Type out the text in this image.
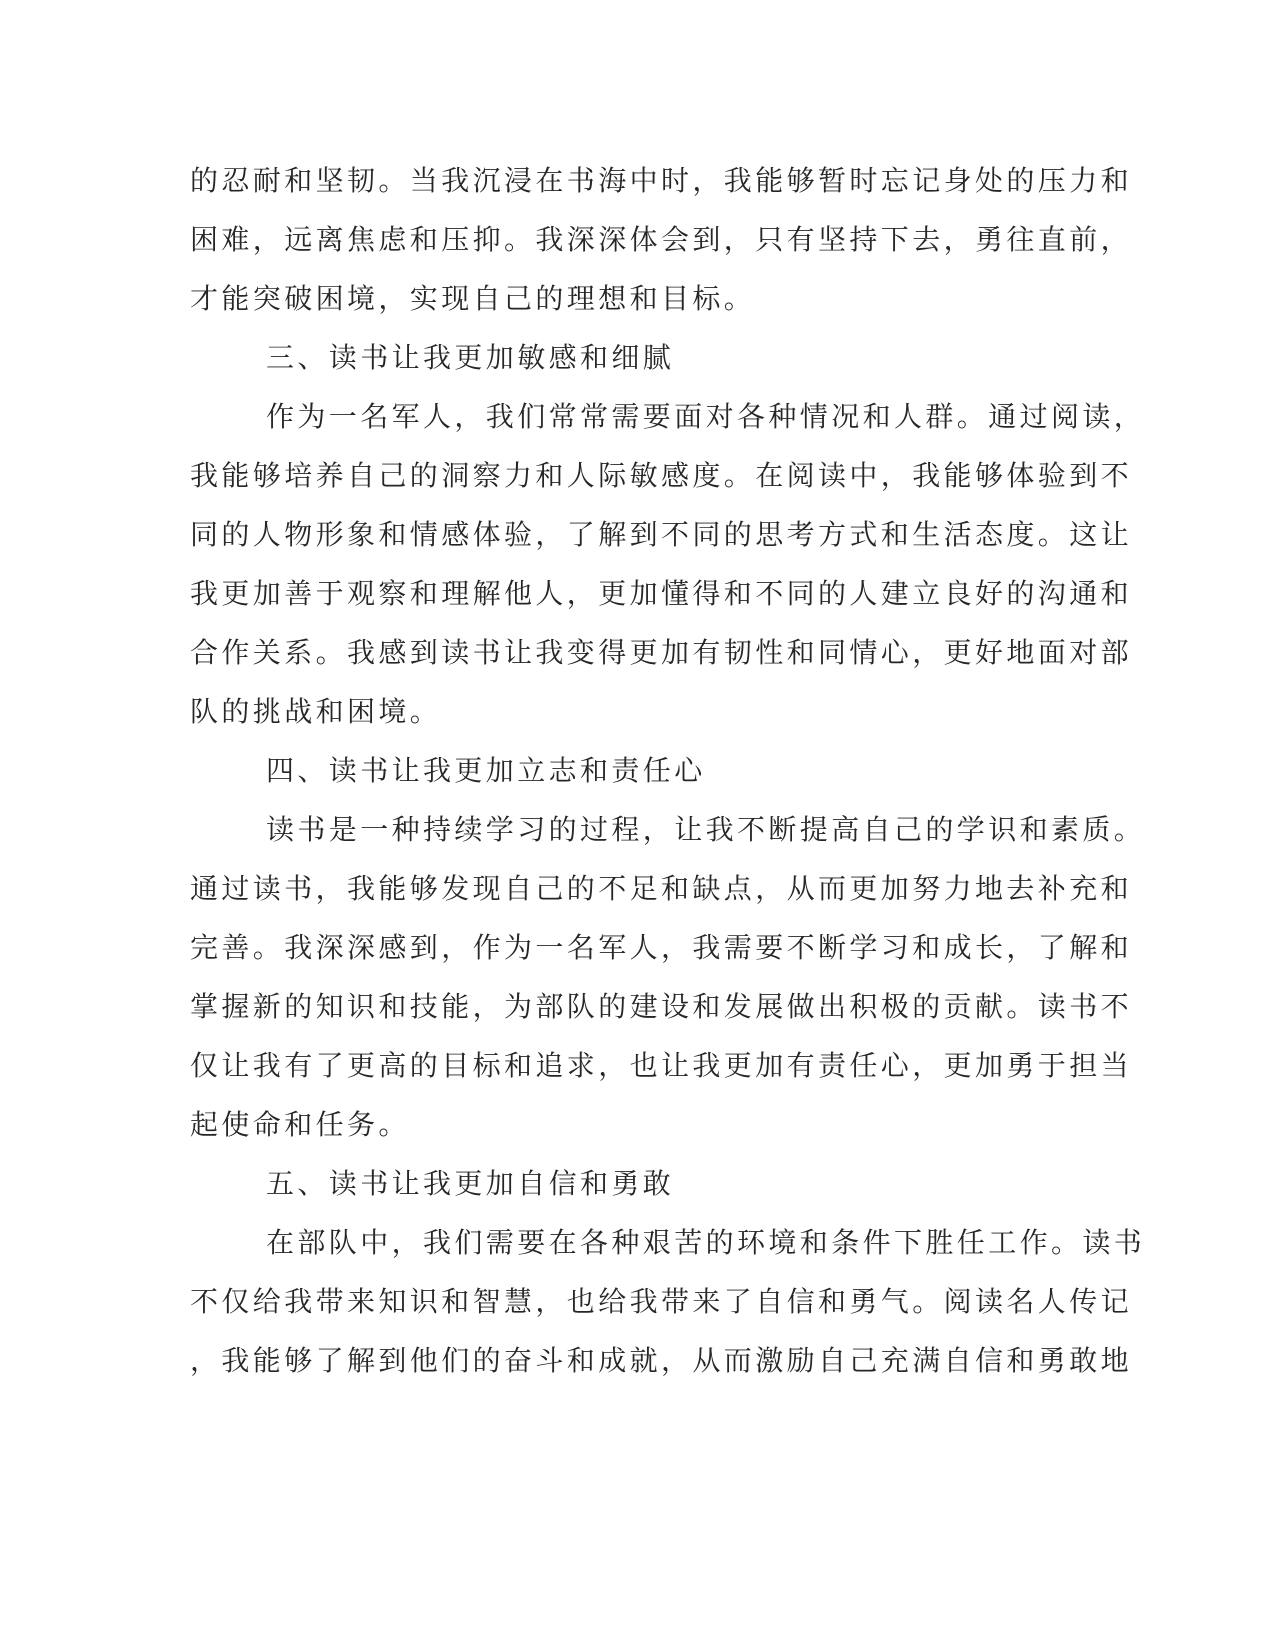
的忍耐和坚韧。当我沉浸在书海中时，我能够暂时忘记身处的压力和

困难，远离焦虑和压抑。我深深体会到，只有坚持下去，勇往直前，

才能突破困境，实现自己的理想和目标。

三、读书让我更加敏感和细腻

作为一名军人，我们常常需要面对各种情况和人群。通过阅读，

我能够培养自己的洞察力和人际敏感度。在阅读中，我能够体验到不

同的人物形象和情感体验，了解到不同的思考方式和生活态度。这让

我更加善于观察和理解他人，更加懂得和不同的人建立良好的沟通和

合作关系。我感到读书让我变得更加有韧性和同情心，更好地面对部

队的挑战和困境。

四、读书让我更加立志和责任心

读书是一种持续学习的过程，让我不断提高自己的学识和素质。

通过读书，我能够发现自己的不足和缺点，从而更加努力地去补充和

完善。我深深感到，作为一名军人，我需要不断学习和成长，了解和

掌握新的知识和技能，为部队的建设和发展做出积极的贡献。读书不

仅让我有了更高的目标和追求，也让我更加有责任心，更加勇于担当

起使命和任务。

五、读书让我更加自信和勇敢

在部队中，我们需要在各种艰苦的环境和条件下胜任工作。读书

不仅给我带来知识和智慧，也给我带来了自信和勇气。阅读名人传记

，我能够了解到他们的奋斗和成就，从而激励自己充满自信和勇敢地
